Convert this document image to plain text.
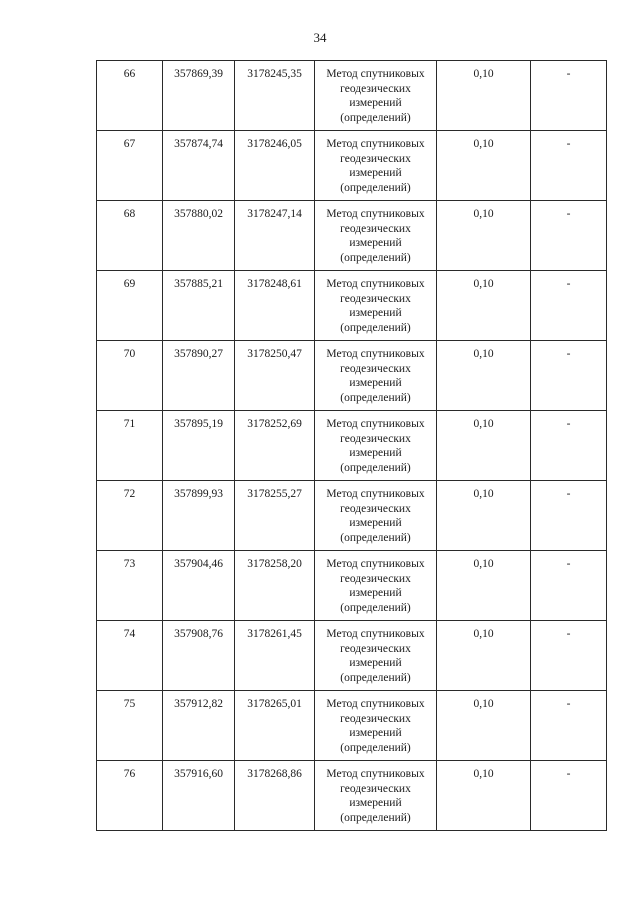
34
66	357869,39	3178245,35	Метод спутниковых
геодезических
измерений
(определений)	0,10	-
67	357874,74	3178246,05	Метод спутниковых
геодезических
измерений
(определений)	0,10	-
68	357880,02	3178247,14	Метод спутниковых
геодезических
измерений
(определений)	0,10	-
69	357885,21	3178248,61	Метод спутниковых
геодезических
измерений
(определений)	0,10	-
70	357890,27	3178250,47	Метод спутниковых
геодезических
измерений
(определений)	0,10	-
71	357895,19	3178252,69	Метод спутниковых
геодезических
измерений
(определений)	0,10	-
72	357899,93	3178255,27	Метод спутниковых
геодезических
измерений
(определений)	0,10	-
73	357904,46	3178258,20	Метод спутниковых
геодезических
измерений
(определений)	0,10	-
74	357908,76	3178261,45	Метод спутниковых
геодезических
измерений
(определений)	0,10	-
75	357912,82	3178265,01	Метод спутниковых
геодезических
измерений
(определений)	0,10	-
76	357916,60	3178268,86	Метод спутниковых
геодезических
измерений
(определений)	0,10	-
